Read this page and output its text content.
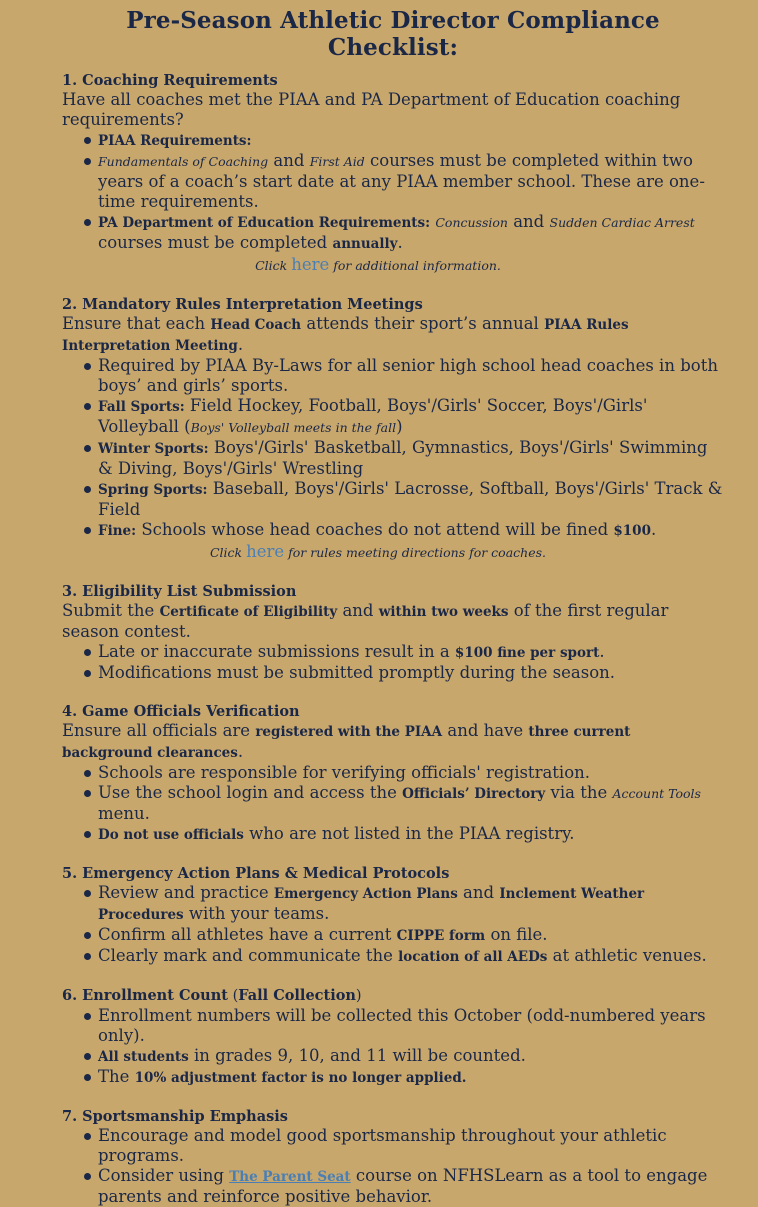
Pre-Season Athletic Director Compliance Checklist:
1. Coaching Requirements
Have all coaches met the PIAA and PA Department of Education coaching requirements?
PIAA Requirements:
Fundamentals of Coaching and First Aid courses must be completed within two years of a coach’s start date at any PIAA member school. These are one-time requirements.
PA Department of Education Requirements: Concussion and Sudden Cardiac Arrest courses must be completed annually.
Click here for additional information.
2. Mandatory Rules Interpretation Meetings
Ensure that each Head Coach attends their sport’s annual PIAA Rules Interpretation Meeting.
Required by PIAA By-Laws for all senior high school head coaches in both boys’ and girls’ sports.
Fall Sports: Field Hockey, Football, Boys'/Girls' Soccer, Boys'/Girls' Volleyball (Boys' Volleyball meets in the fall)
Winter Sports: Boys'/Girls' Basketball, Gymnastics, Boys'/Girls' Swimming & Diving, Boys'/Girls' Wrestling
Spring Sports: Baseball, Boys'/Girls' Lacrosse, Softball, Boys'/Girls' Track & Field
Fine: Schools whose head coaches do not attend will be fined $100.
Click here for rules meeting directions for coaches.
3. Eligibility List Submission
Submit the Certificate of Eligibility and within two weeks of the first regular season contest.
Late or inaccurate submissions result in a $100 fine per sport.
Modifications must be submitted promptly during the season.
4. Game Officials Verification
Ensure all officials are registered with the PIAA and have three current background clearances.
Schools are responsible for verifying officials' registration.
Use the school login and access the Officials’ Directory via the Account Tools menu.
Do not use officials who are not listed in the PIAA registry.
5. Emergency Action Plans & Medical Protocols
Review and practice Emergency Action Plans and Inclement Weather Procedures with your teams.
Confirm all athletes have a current CIPPE form on file.
Clearly mark and communicate the location of all AEDs at athletic venues.
6. Enrollment Count (Fall Collection)
Enrollment numbers will be collected this October (odd-numbered years only).
All students in grades 9, 10, and 11 will be counted.
The 10% adjustment factor is no longer applied.
7. Sportsmanship Emphasis
Encourage and model good sportsmanship throughout your athletic programs.
Consider using The Parent Seat course on NFHSLearn as a tool to engage parents and reinforce positive behavior.
